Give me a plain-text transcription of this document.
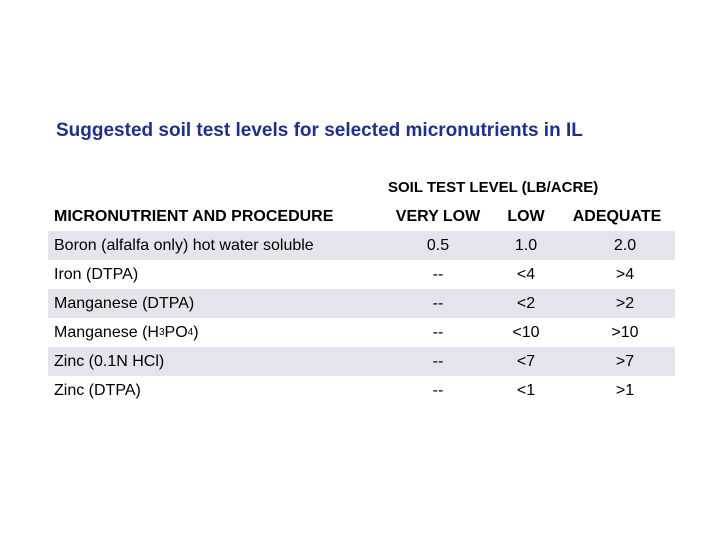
Suggested soil test levels for selected micronutrients in IL
SOIL TEST LEVEL (LB/ACRE)
MICRONUTRIENT AND PROCEDURE	VERY LOW	LOW	ADEQUATE
Boron (alfalfa only) hot water soluble	0.5	1.0	2.0
Iron (DTPA)	--	<4	>4
Manganese (DTPA)	--	<2	>2
Manganese (H 3 PO 4 )	--	<10	>10
Zinc (0.1N HCl)	--	<7	>7
Zinc (DTPA)	--	<1	>1
